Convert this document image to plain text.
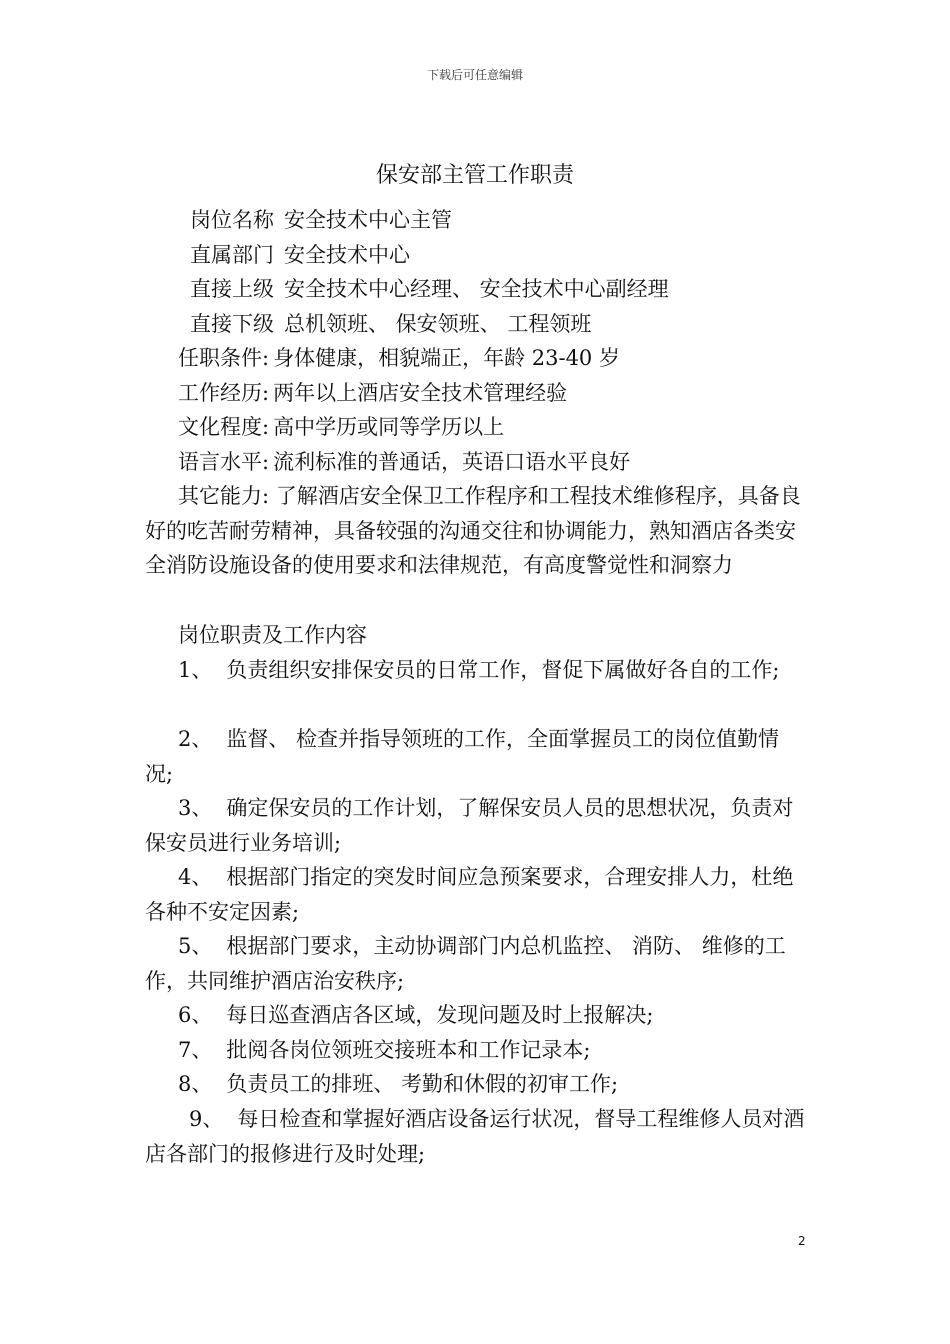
下载后可任意编辑
保安部主管工作职责
岗位名称 安全技术中心主管
直属部门 安全技术中心
直接上级 安全技术中心经理、 安全技术中心副经理
直接下级 总机领班、 保安领班、 工程领班
任职条件: 身体健康，相貌端正，年龄 23-40 岁
工作经历: 两年以上酒店安全技术管理经验
文化程度: 高中学历或同等学历以上
语言水平: 流利标准的普通话，英语口语水平良好
其它能力: 了解酒店安全保卫工作程序和工程技术维修程序，具备良好的吃苦耐劳精神，具备较强的沟通交往和协调能力，熟知酒店各类安全消防设施设备的使用要求和法律规范，有高度警觉性和洞察力
岗位职责及工作内容
1、 负责组织安排保安员的日常工作，督促下属做好各自的工作;
2、 监督、 检查并指导领班的工作，全面掌握员工的岗位值勤情况;
3、 确定保安员的工作计划，了解保安员人员的思想状况，负责对保安员进行业务培训;
4、 根据部门指定的突发时间应急预案要求，合理安排人力，杜绝各种不安定因素;
5、 根据部门要求，主动协调部门内总机监控、 消防、 维修的工作，共同维护酒店治安秩序;
6、 每日巡查酒店各区域，发现问题及时上报解决;
7、 批阅各岗位领班交接班本和工作记录本;
8、 负责员工的排班、 考勤和休假的初审工作;
9、 每日检查和掌握好酒店设备运行状况，督导工程维修人员对酒店各部门的报修进行及时处理;
2
